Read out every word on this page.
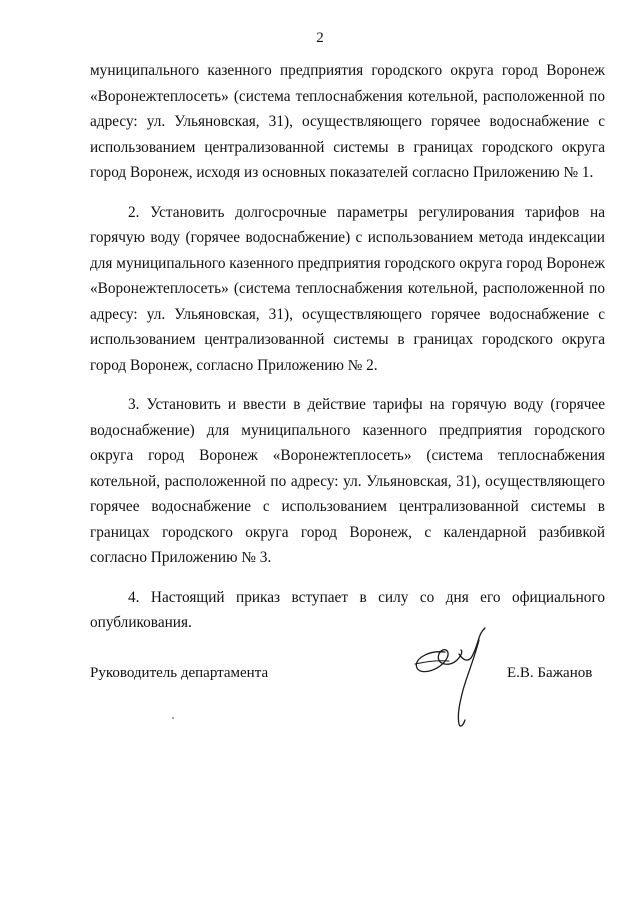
2

муниципального казенного предприятия городского округа город Воронеж «Воронежтеплосеть» (система теплоснабжения котельной, расположенной по адресу: ул. Ульяновская, 31), осуществляющего горячее водоснабжение с использованием централизованной системы в границах городского округа город Воронеж, исходя из основных показателей согласно Приложению № 1.

2. Установить долгосрочные параметры регулирования тарифов на горячую воду (горячее водоснабжение) с использованием метода индексации для муниципального казенного предприятия городского округа город Воронеж «Воронежтеплосеть» (система теплоснабжения котельной, расположенной по адресу: ул. Ульяновская, 31), осуществляющего горячее водоснабжение с использованием централизованной системы в границах городского округа город Воронеж, согласно Приложению № 2.

3. Установить и ввести в действие тарифы на горячую воду (горячее водоснабжение) для муниципального казенного предприятия городского округа город Воронеж «Воронежтеплосеть» (система теплоснабжения котельной, расположенной по адресу: ул. Ульяновская, 31), осуществляющего горячее водоснабжение с использованием централизованной системы в границах городского округа город Воронеж, с календарной разбивкой согласно Приложению № 3.

4. Настоящий приказ вступает в силу со дня его официального опубликования.

Руководитель департамента	Е.В. Бажанов
